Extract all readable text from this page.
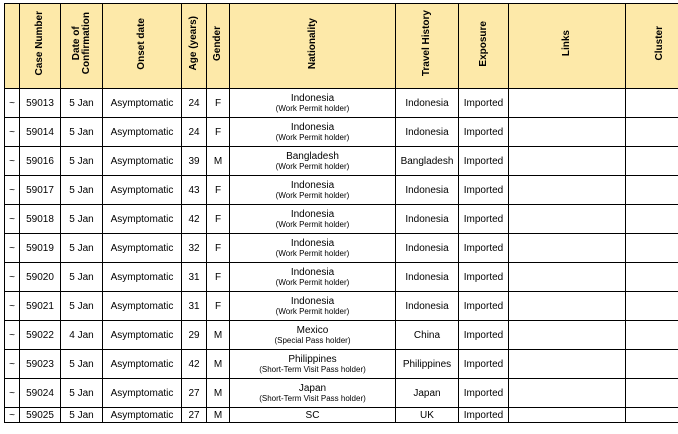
	Case Number	Date of
Confirmation	Onset date	Age (years)	Gender	Nationality	Travel History	Exposure	Links	Cluster
~	59013	5 Jan	Asymptomatic	24	F	Indonesia
(Work Permit holder)	Indonesia	Imported		
~	59014	5 Jan	Asymptomatic	24	F	Indonesia
(Work Permit holder)	Indonesia	Imported		
~	59016	5 Jan	Asymptomatic	39	M	Bangladesh
(Work Permit holder)	Bangladesh	Imported		
~	59017	5 Jan	Asymptomatic	43	F	Indonesia
(Work Permit holder)	Indonesia	Imported		
~	59018	5 Jan	Asymptomatic	42	F	Indonesia
(Work Permit holder)	Indonesia	Imported		
~	59019	5 Jan	Asymptomatic	32	F	Indonesia
(Work Permit holder)	Indonesia	Imported		
~	59020	5 Jan	Asymptomatic	31	F	Indonesia
(Work Permit holder)	Indonesia	Imported		
~	59021	5 Jan	Asymptomatic	31	F	Indonesia
(Work Permit holder)	Indonesia	Imported		
~	59022	4 Jan	Asymptomatic	29	M	Mexico
(Special Pass holder)	China	Imported		
~	59023	5 Jan	Asymptomatic	42	M	Philippines
(Short-Term Visit Pass holder)	Philippines	Imported		
~	59024	5 Jan	Asymptomatic	27	M	Japan
(Short-Term Visit Pass holder)	Japan	Imported		
~	59025	5 Jan	Asymptomatic	27	M	SC	UK	Imported		
